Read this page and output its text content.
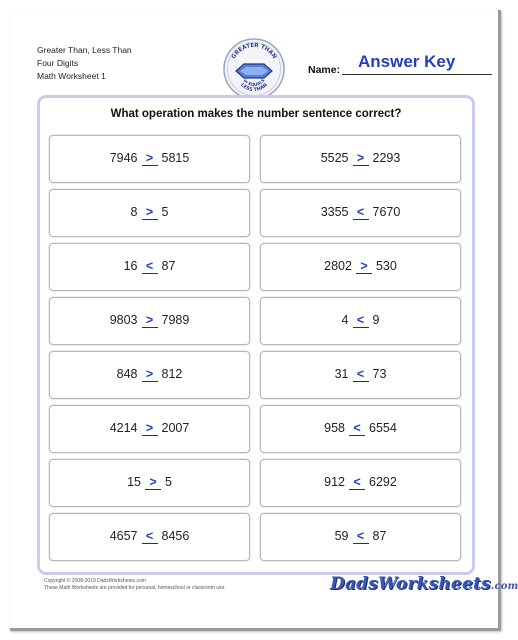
Greater Than, Less Than
Four Digits
Math Worksheet 1
GREATER THAN
LESS THAN
or EQUALS
Name: Answer Key
What operation makes the number sentence correct?
7946 > 5815	5525 > 2293
8 > 5	3355 < 7670
16 < 87	2802 > 530
9803 > 7989	4 < 9
848 > 812	31 < 73
4214 > 2007	958 < 6554
15 > 5	912 < 6292
4657 < 8456	59 < 87
Copyright © 2008-2019 DadsWorksheets.com
These Math Worksheets are provided for personal, homeschool or classroom use.	DadsWorksheets.com
